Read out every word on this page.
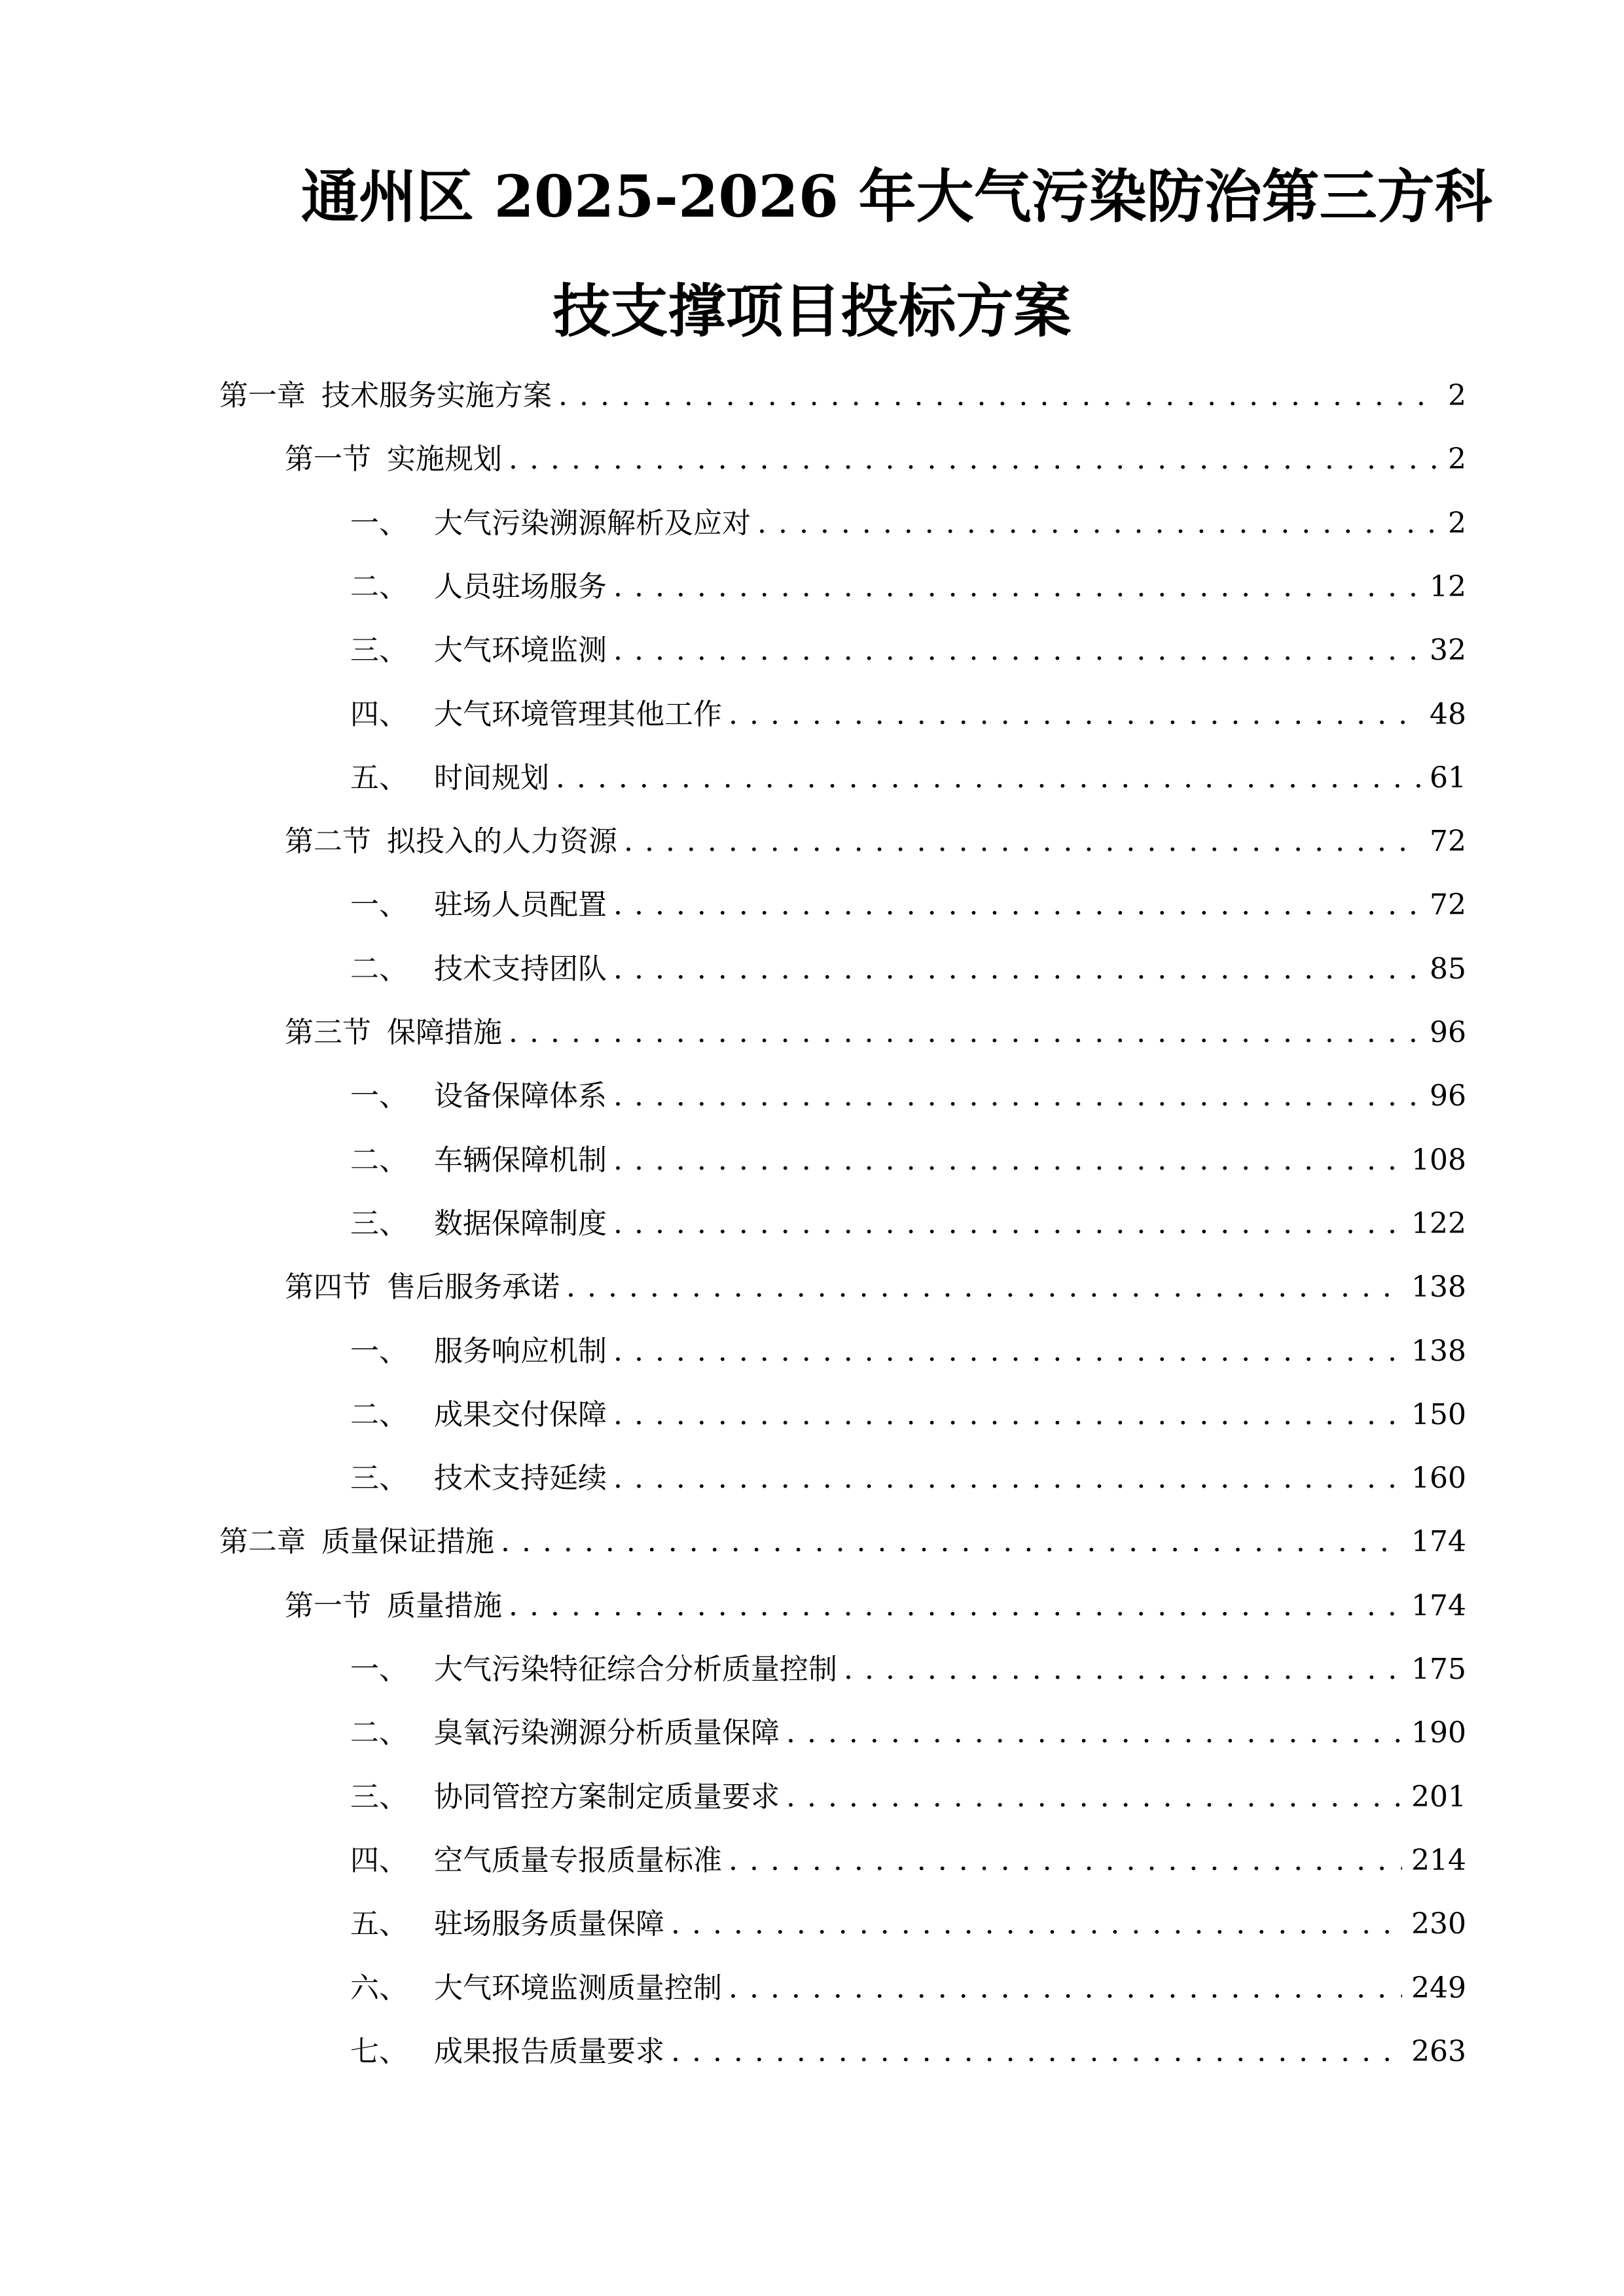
通州区 2025-2026 年大气污染防治第三方科
技支撑项目投标方案
第一章 技术服务实施方案 . . .	2
第一节 实施规划 . . .	2
一、 大气污染溯源解析及应对 . . .	2
二、 人员驻场服务 . . .	12
三、 大气环境监测 . . .	32
四、 大气环境管理其他工作 . . .	48
五、 时间规划 . . .	61
第二节 拟投入的人力资源 . . .	72
一、 驻场人员配置 . . .	72
二、 技术支持团队 . . .	85
第三节 保障措施 . . .	96
一、 设备保障体系 . . .	96
二、 车辆保障机制 . . .	108
三、 数据保障制度 . . .	122
第四节 售后服务承诺 . . .	138
一、 服务响应机制 . . .	138
二、 成果交付保障 . . .	150
三、 技术支持延续 . . .	160
第二章 质量保证措施 . . .	174
第一节 质量措施 . . .	174
一、 大气污染特征综合分析质量控制 . . .	175
二、 臭氧污染溯源分析质量保障 . . .	190
三、 协同管控方案制定质量要求 . . .	201
四、 空气质量专报质量标准 . . .	214
五、 驻场服务质量保障 . . .	230
六、 大气环境监测质量控制 . . .	249
七、 成果报告质量要求 . . .	263
